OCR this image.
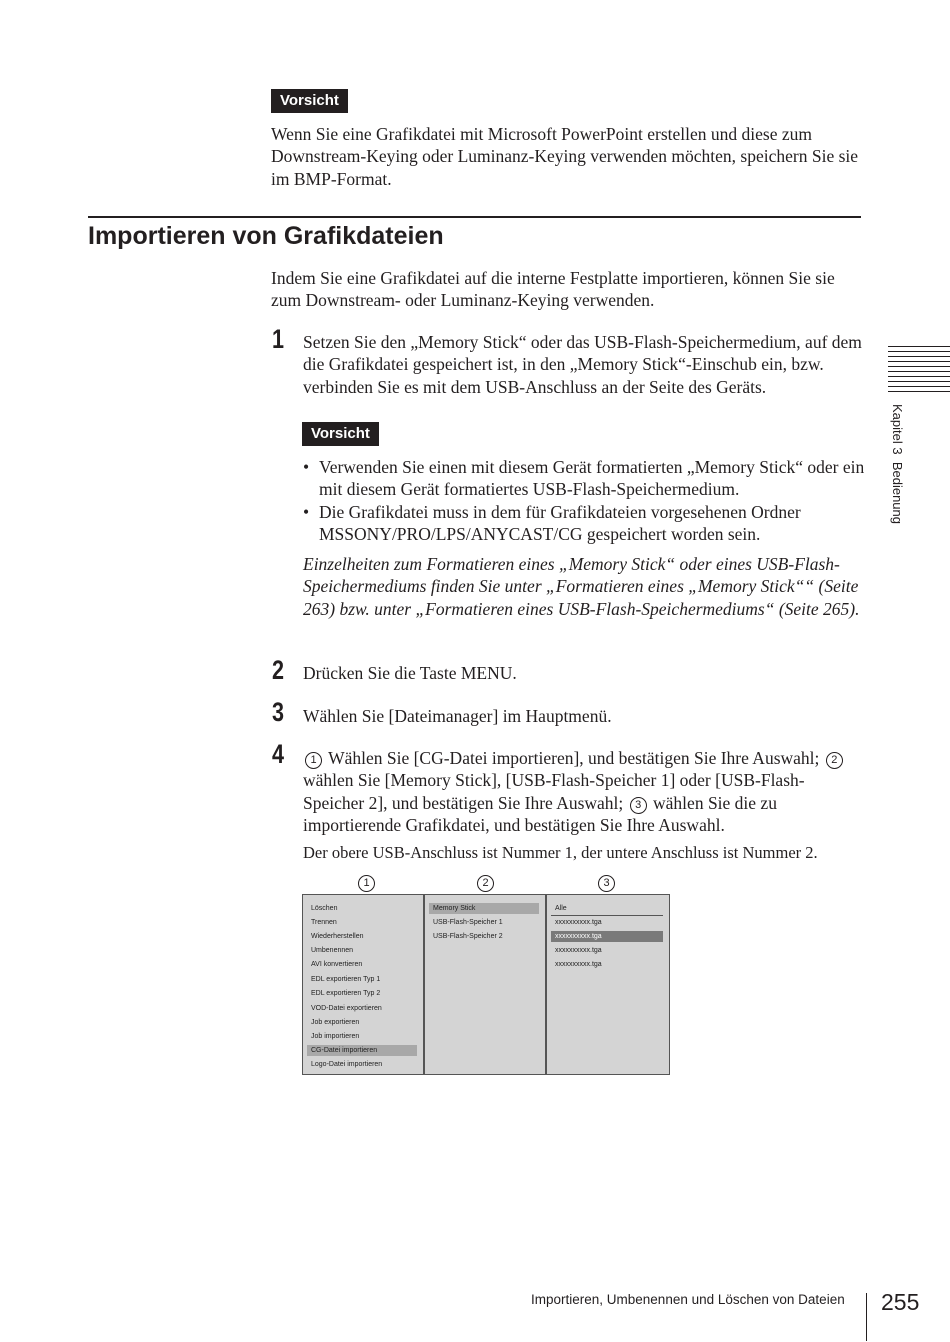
Vorsicht

Wenn Sie eine Grafikdatei mit Microsoft PowerPoint erstellen und diese zum Downstream-Keying oder Luminanz-Keying verwenden möchten, speichern Sie sie im BMP-Format.

Importieren von Grafikdateien

Indem Sie eine Grafikdatei auf die interne Festplatte importieren, können Sie sie zum Downstream- oder Luminanz-Keying verwenden.

1 Setzen Sie den „Memory Stick“ oder das USB-Flash-Speichermedium, auf dem die Grafikdatei gespeichert ist, in den „Memory Stick“-Einschub ein, bzw. verbinden Sie es mit dem USB-Anschluss an der Seite des Geräts.

Vorsicht
• Verwenden Sie einen mit diesem Gerät formatierten „Memory Stick“ oder ein mit diesem Gerät formatiertes USB-Flash-Speichermedium.
• Die Grafikdatei muss in dem für Grafikdateien vorgesehenen Ordner MSSONY/PRO/LPS/ANYCAST/CG gespeichert worden sein.

Einzelheiten zum Formatieren eines „Memory Stick“ oder eines USB-Flash-Speichermediums finden Sie unter „Formatieren eines „Memory Stick““ (Seite 263) bzw. unter „Formatieren eines USB-Flash-Speichermediums“ (Seite 265).

2 Drücken Sie die Taste MENU.

3 Wählen Sie [Dateimanager] im Hauptmenü.

4	1 Wählen Sie [CG-Datei importieren], und bestätigen Sie Ihre Auswahl; 2 wählen Sie [Memory Stick], [USB-Flash-Speicher 1] oder [USB-Flash-Speicher 2], und bestätigen Sie Ihre Auswahl; 3 wählen Sie die zu importierende Grafikdatei, und bestätigen Sie Ihre Auswahl.

Der obere USB-Anschluss ist Nummer 1, der untere Anschluss ist Nummer 2.

1	2	3
Löschen
Trennen
Wiederherstellen
Umbenennen
AVI konvertieren
EDL exportieren Typ 1
EDL exportieren Typ 2
VOD-Datei exportieren
Job exportieren
Job importieren
CG-Datei importieren
Logo-Datei importieren
Memory Stick
USB-Flash-Speicher 1
USB-Flash-Speicher 2
Alle
xxxxxxxxxx.tga
xxxxxxxxxx.tga
xxxxxxxxxx.tga
xxxxxxxxxx.tga
Kapitel 3  Bedienung
Importieren, Umbenennen und Löschen von Dateien 255
